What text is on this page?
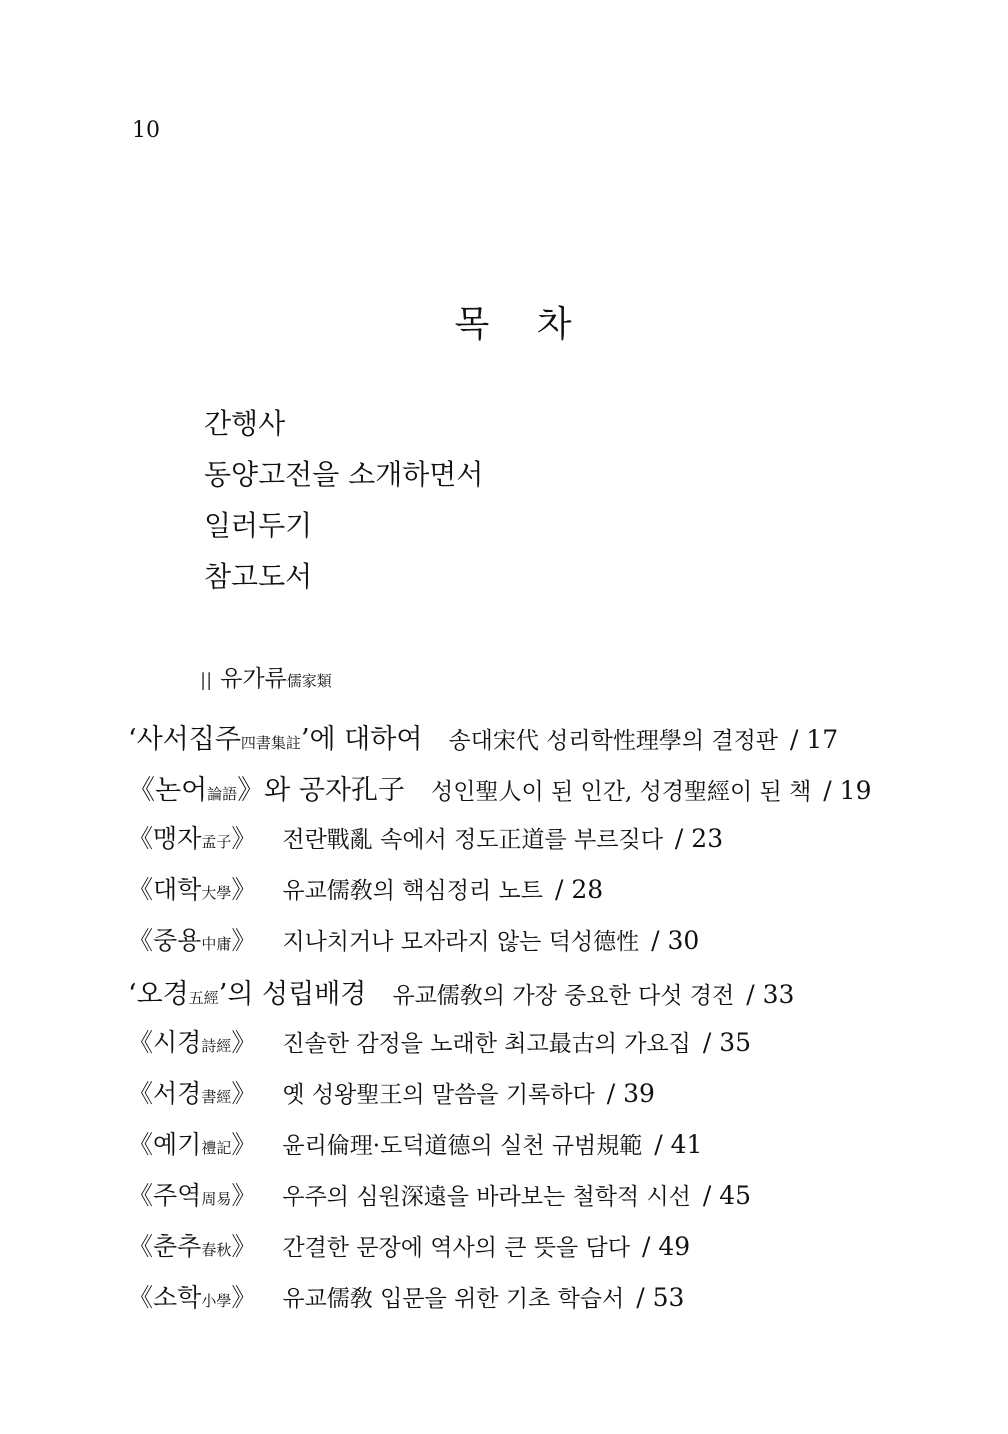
10
목 차
간행사
동양고전을 소개하면서
일러두기
참고도서
|| 유가류儒家類
‘ 사서집주 四書集註 ’에 대하여 송대宋代 성리학性理學의 결정판 / 17
《 논어 論語 》와 공자孔子 성인聖人이 된 인간, 성경聖經이 된 책 / 19
《 맹자 孟子 》 전란戰亂 속에서 정도正道를 부르짖다 / 23
《 대학 大學 》 유교儒敎의 핵심정리 노트 / 28
《 중용 中庸 》 지나치거나 모자라지 않는 덕성德性 / 30
‘ 오경 五經 ’의 성립배경 유교儒敎의 가장 중요한 다섯 경전 / 33
《 시경 詩經 》 진솔한 감정을 노래한 최고最古의 가요집 / 35
《 서경 書經 》 옛 성왕聖王의 말씀을 기록하다 / 39
《 예기 禮記 》 윤리倫理·도덕道德의 실천 규범規範 / 41
《 주역 周易 》 우주의 심원深遠을 바라보는 철학적 시선 / 45
《 춘추 春秋 》 간결한 문장에 역사의 큰 뜻을 담다 / 49
《 소학 小學 》 유교儒敎 입문을 위한 기초 학습서 / 53
